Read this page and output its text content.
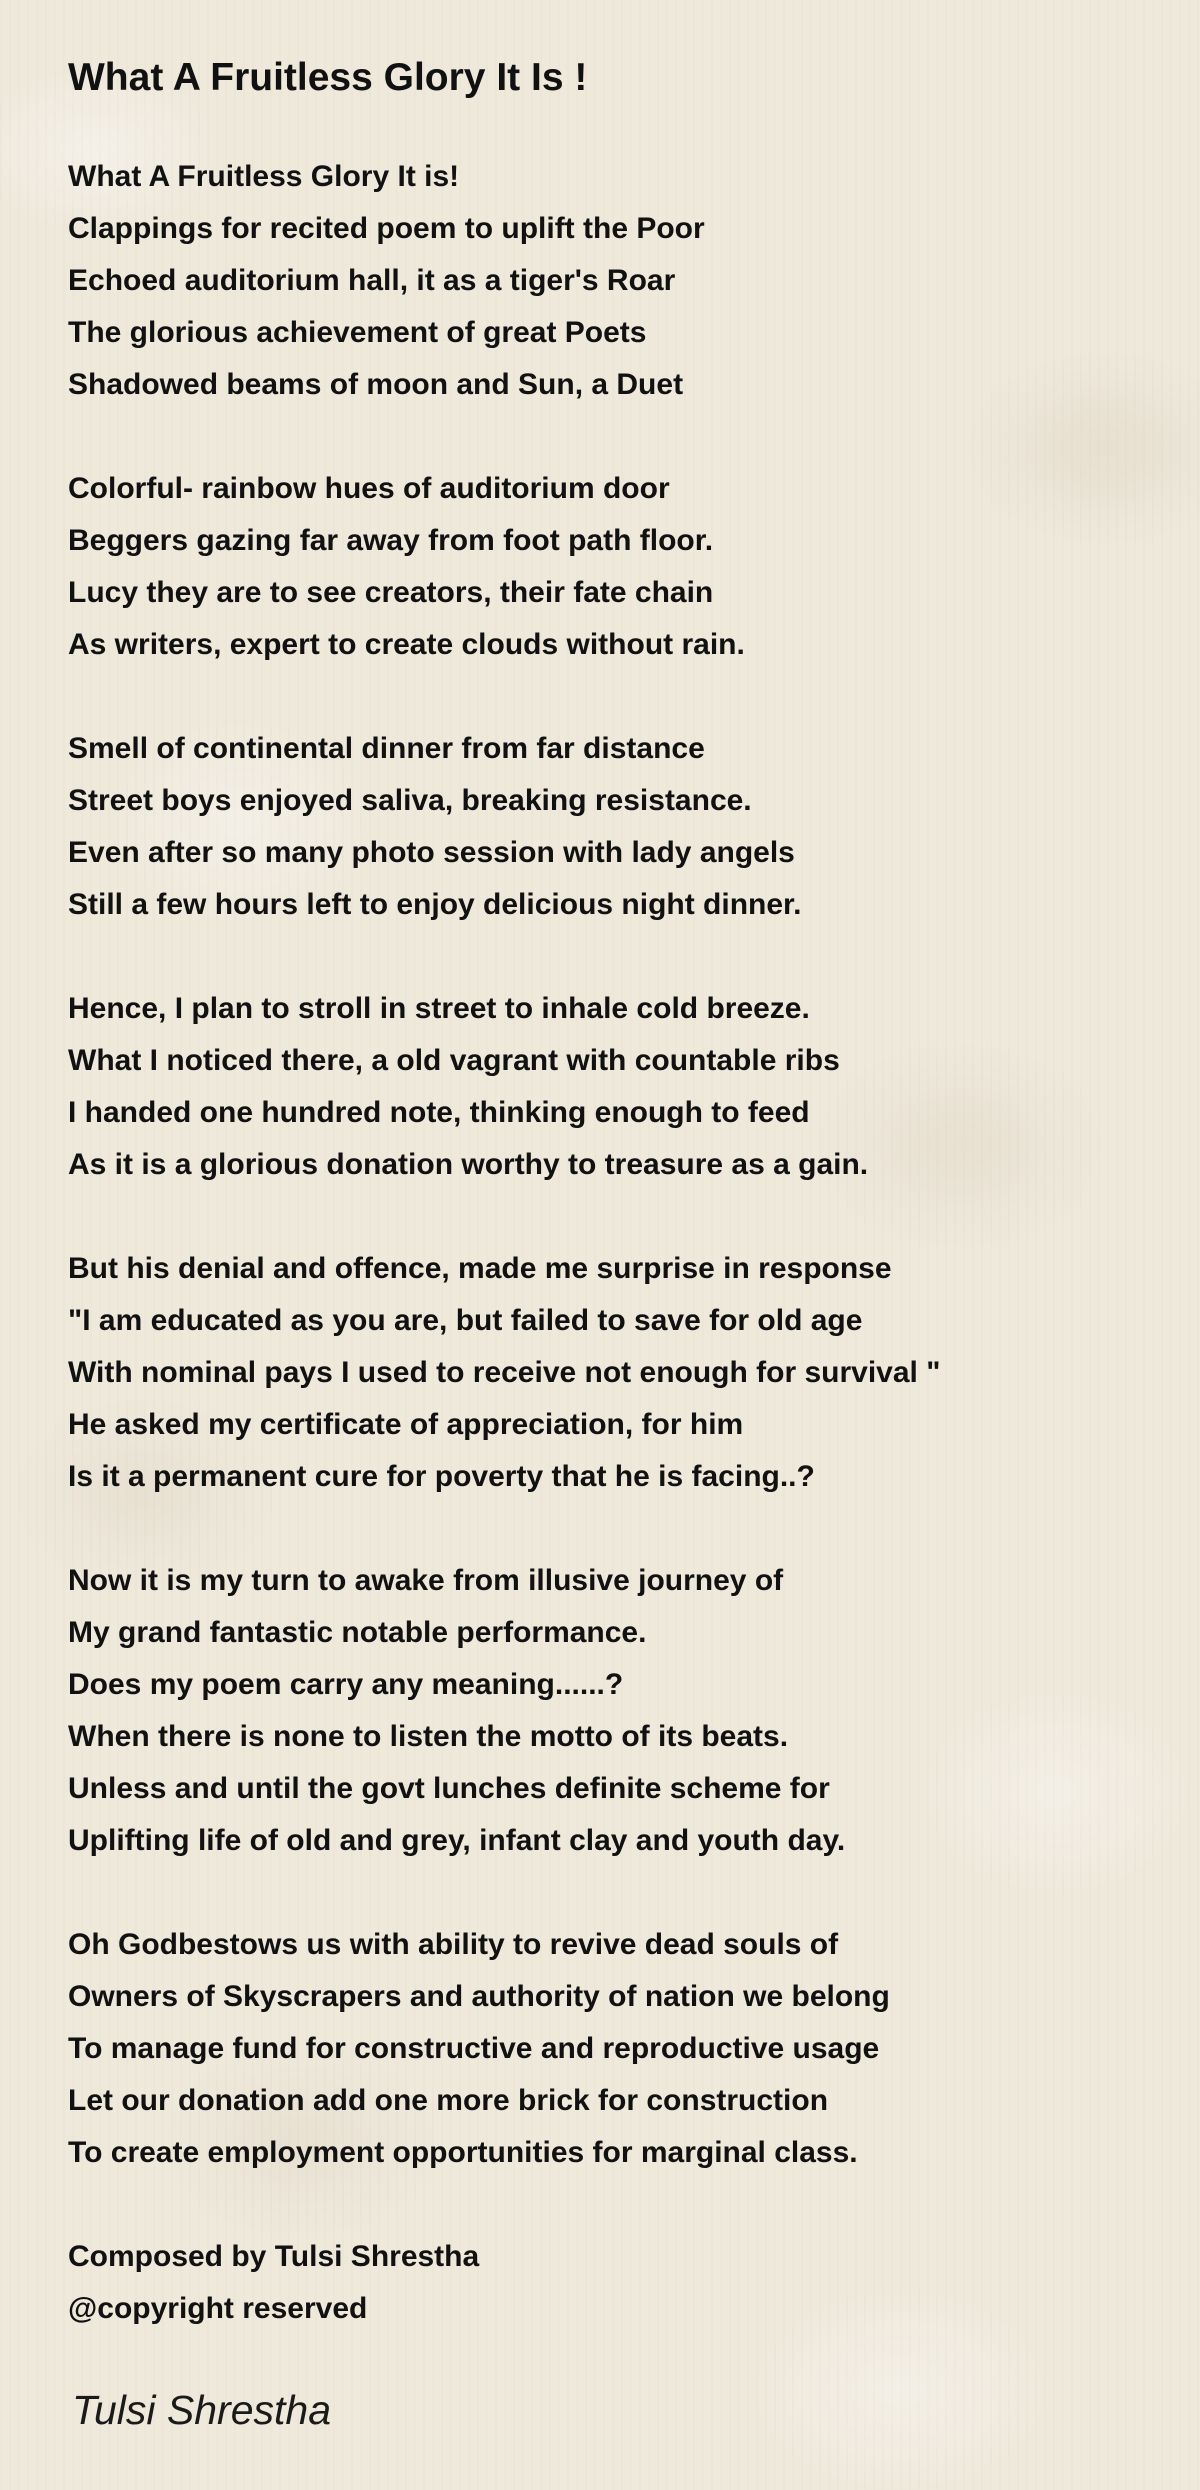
What A Fruitless Glory It Is !
What A Fruitless Glory It is!
Clappings for recited poem to uplift the Poor
Echoed auditorium hall, it as a tiger's Roar
The glorious achievement of great Poets
Shadowed beams of moon and Sun, a Duet
Colorful- rainbow hues of auditorium door
Beggers gazing far away from foot path floor.
Lucy they are to see creators, their fate chain
As writers, expert to create clouds without rain.
Smell of continental dinner from far distance
Street boys enjoyed saliva, breaking resistance.
Even after so many photo session with lady angels
Still a few hours left to enjoy delicious night dinner.
Hence, I plan to stroll in street to inhale cold breeze.
What I noticed there, a old vagrant with countable ribs
I handed one hundred note, thinking enough to feed
As it is a glorious donation worthy to treasure as a gain.
But his denial and offence, made me surprise in response
"I am educated as you are, but failed to save for old age
With nominal pays I used to receive not enough for survival "
He asked my certificate of appreciation, for him
Is it a permanent cure for poverty that he is facing..?
Now it is my turn to awake from illusive journey of
My grand fantastic notable performance.
Does my poem carry any meaning......?
When there is none to listen the motto of its beats.
Unless and until the govt lunches definite scheme for
Uplifting life of old and grey, infant clay and youth day.
Oh Godbestows us with ability to revive dead souls of
Owners of Skyscrapers and authority of nation we belong
To manage fund for constructive and reproductive usage
Let our donation add one more brick for construction
To create employment opportunities for marginal class.
Composed by Tulsi Shrestha
@copyright reserved
Tulsi Shrestha
